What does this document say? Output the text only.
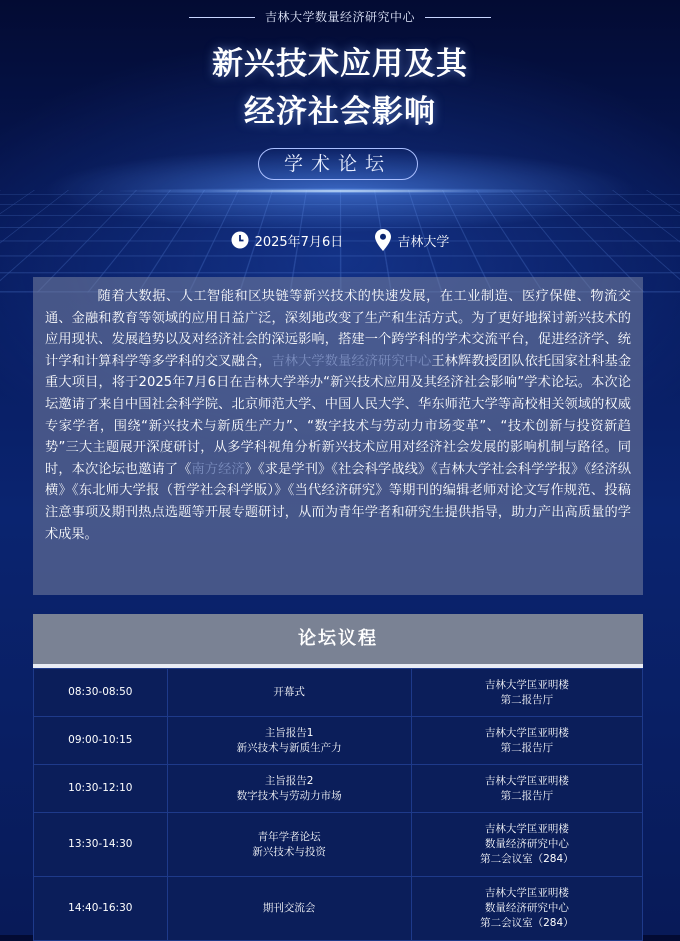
吉林大学数量经济研究中心
新兴技术应用及其
经济社会影响
学术论坛
2025年7月6日
	吉林大学
随着大数据、人工智能和区块链等新兴技术的快速发展，在工业制造、医疗保健、物流交通、金融和教育等领域的应用日益广泛，深刻地改变了生产和生活方式。为了更好地探讨新兴技术的应用现状、发展趋势以及对经济社会的深远影响，搭建一个跨学科的学术交流平台，促进经济学、统计学和计算科学等多学科的交叉融合，吉林大学数量经济研究中心王林辉教授团队依托国家社科基金重大项目，将于2025年7月6日在吉林大学举办“新兴技术应用及其经济社会影响”学术论坛。本次论坛邀请了来自中国社会科学院、北京师范大学、中国人民大学、华东师范大学等高校相关领域的权威专家学者，围绕“新兴技术与新质生产力”、“数字技术与劳动力市场变革”、“技术创新与投资新趋势”三大主题展开深度研讨，从多学科视角分析新兴技术应用对经济社会发展的影响机制与路径。同时，本次论坛也邀请了《南方经济》《求是学刊》《社会科学战线》《吉林大学社会科学学报》《经济纵横》《东北师大学报（哲学社会科学版）》《当代经济研究》等期刊的编辑老师对论文写作规范、投稿注意事项及期刊热点选题等开展专题研讨，从而为青年学者和研究生提供指导，助力产出高质量的学术成果。
论坛议程
08:30-08:50	开幕式	吉林大学匡亚明楼
第二报告厅

09:00-10:15	主旨报告1
新兴技术与新质生产力	吉林大学匡亚明楼
第二报告厅

10:30-12:10	主旨报告2
数字技术与劳动力市场	吉林大学匡亚明楼
第二报告厅

13:30-14:30	青年学者论坛
新兴技术与投资	吉林大学匡亚明楼
数量经济研究中心
第二会议室（284）

14:40-16:30	期刊交流会	吉林大学匡亚明楼
数量经济研究中心
第二会议室（284）
